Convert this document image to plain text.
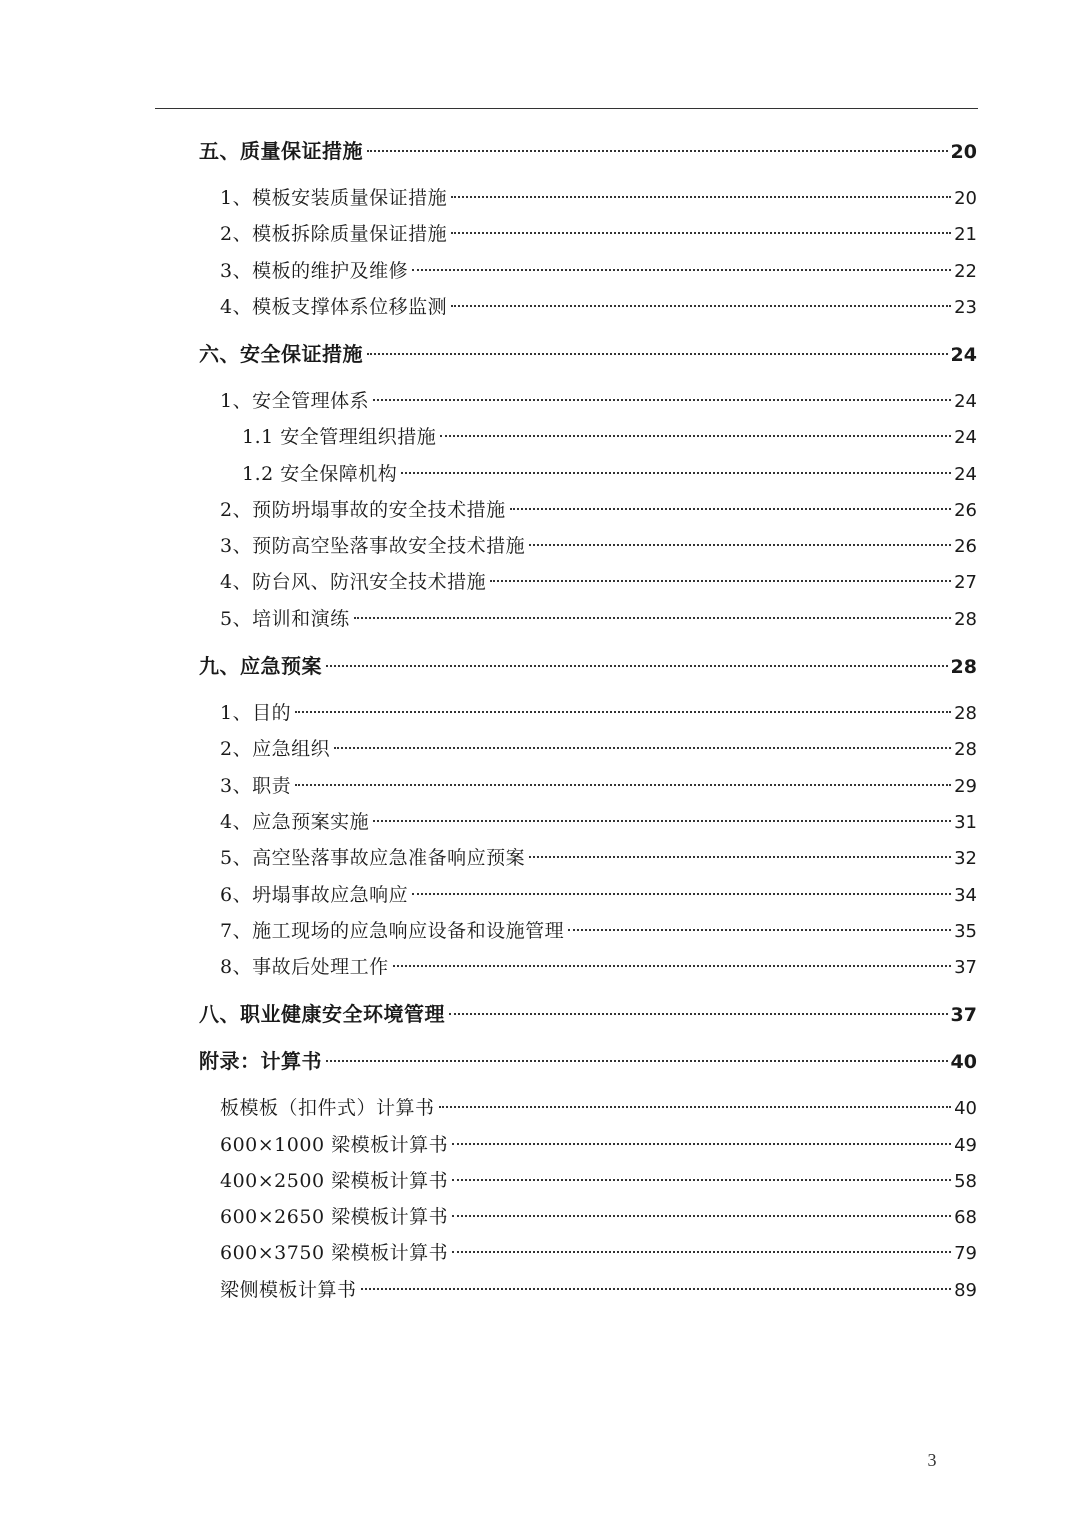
五、质量保证措施	20
1、模板安装质量保证措施	20
2、模板拆除质量保证措施	21
3、模板的维护及维修	22
4、模板支撑体系位移监测	23
六、安全保证措施	24
1、安全管理体系	24
1.1 安全管理组织措施	24
1.2 安全保障机构	24
2、预防坍塌事故的安全技术措施	26
3、预防高空坠落事故安全技术措施	26
4、防台风、防汛安全技术措施	27
5、培训和演练	28
九、应急预案	28
1、目的	28
2、应急组织	28
3、职责	29
4、应急预案实施	31
5、高空坠落事故应急准备响应预案	32
6、坍塌事故应急响应	34
7、施工现场的应急响应设备和设施管理	35
8、事故后处理工作	37
八、职业健康安全环境管理	37
附录：计算书	40
板模板（扣件式）计算书	40
600×1000 梁模板计算书	49
400×2500 梁模板计算书	58
600×2650 梁模板计算书	68
600×3750 梁模板计算书	79
梁侧模板计算书	89
3
